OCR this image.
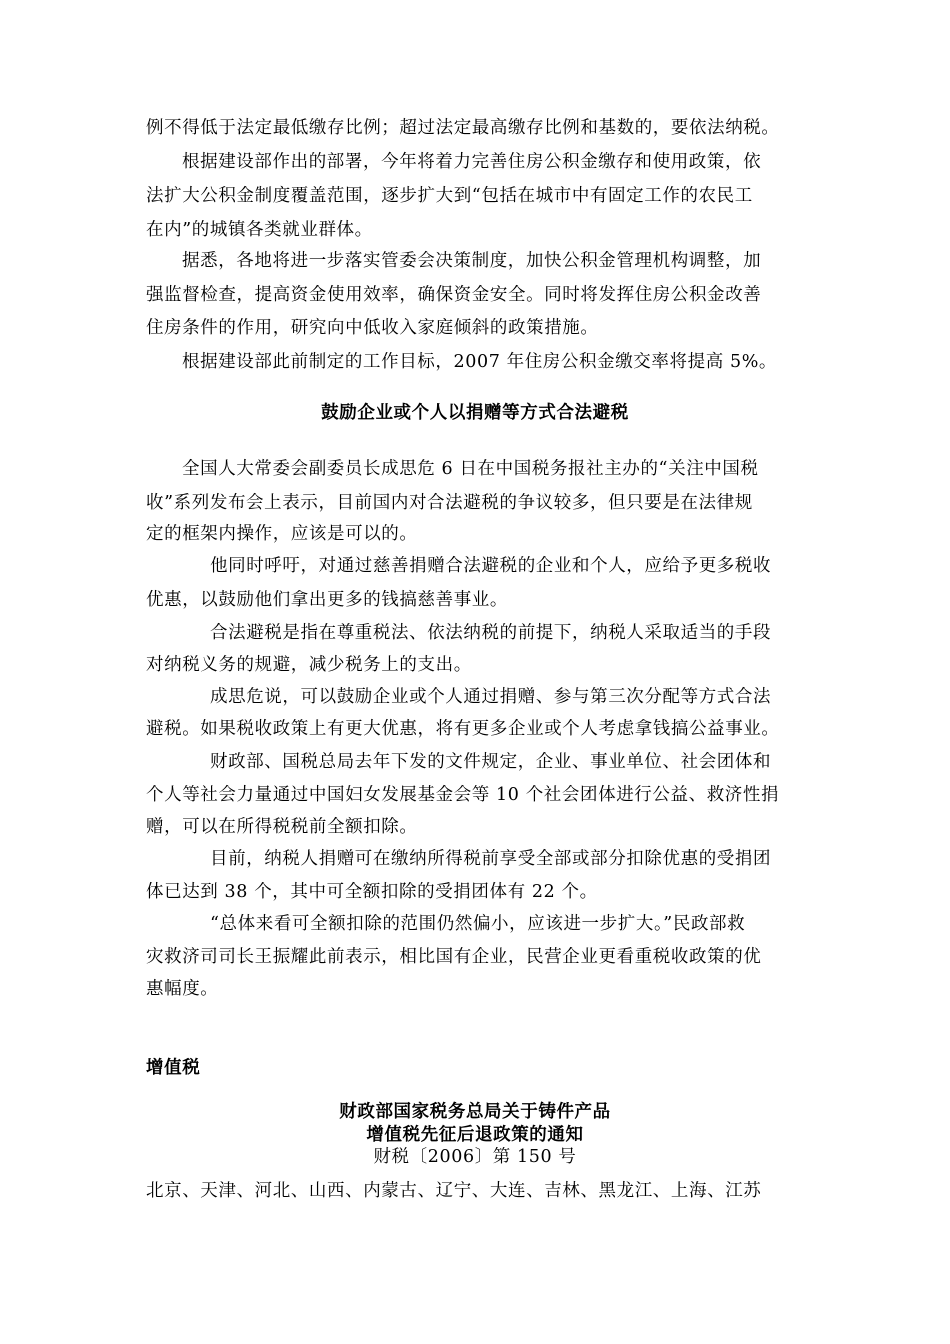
例不得低于法定最低缴存比例；超过法定最高缴存比例和基数的，要依法纳税。
根据建设部作出的部署，今年将着力完善住房公积金缴存和使用政策，依
法扩大公积金制度覆盖范围，逐步扩大到“包括在城市中有固定工作的农民工
在内”的城镇各类就业群体。
据悉，各地将进一步落实管委会决策制度，加快公积金管理机构调整，加
强监督检查，提高资金使用效率，确保资金安全。同时将发挥住房公积金改善
住房条件的作用，研究向中低收入家庭倾斜的政策措施。
根据建设部此前制定的工作目标，2007 年住房公积金缴交率将提高 5%。
鼓励企业或个人以捐赠等方式合法避税
全国人大常委会副委员长成思危 6 日在中国税务报社主办的“关注中国税
收”系列发布会上表示，目前国内对合法避税的争议较多，但只要是在法律规
定的框架内操作，应该是可以的。
他同时呼吁，对通过慈善捐赠合法避税的企业和个人，应给予更多税收
优惠，以鼓励他们拿出更多的钱搞慈善事业。
合法避税是指在尊重税法、依法纳税的前提下，纳税人采取适当的手段
对纳税义务的规避，减少税务上的支出。
成思危说，可以鼓励企业或个人通过捐赠、参与第三次分配等方式合法
避税。如果税收政策上有更大优惠，将有更多企业或个人考虑拿钱搞公益事业。
财政部、国税总局去年下发的文件规定，企业、事业单位、社会团体和
个人等社会力量通过中国妇女发展基金会等 10 个社会团体进行公益、救济性捐
赠，可以在所得税税前全额扣除。
目前，纳税人捐赠可在缴纳所得税前享受全部或部分扣除优惠的受捐团
体已达到 38 个，其中可全额扣除的受捐团体有 22 个。
“总体来看可全额扣除的范围仍然偏小，应该进一步扩大。”民政部救
灾救济司司长王振耀此前表示，相比国有企业，民营企业更看重税收政策的优
惠幅度。
增值税
财政部国家税务总局关于铸件产品
增值税先征后退政策的通知
财税〔2006〕第 150 号
北京、天津、河北、山西、内蒙古、辽宁、大连、吉林、黑龙江、上海、江苏
